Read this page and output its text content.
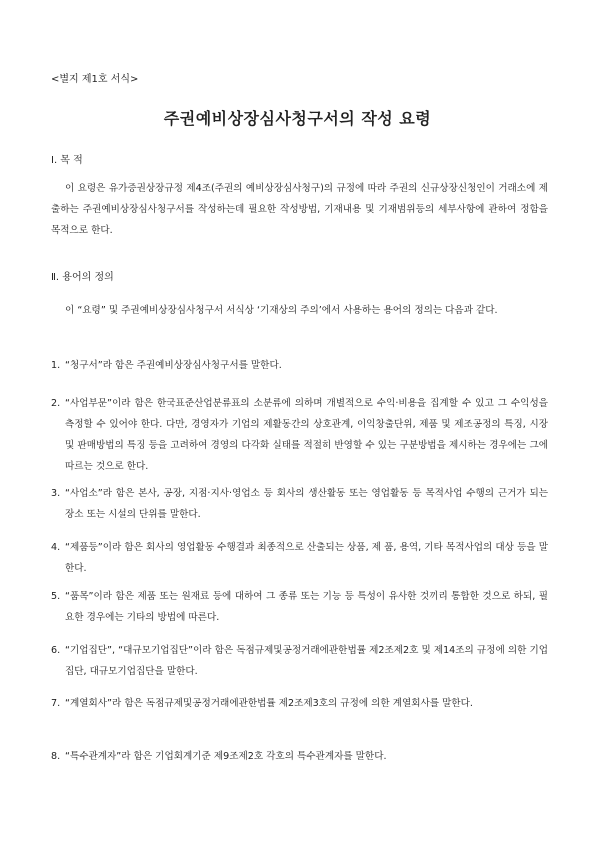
<별지 제1호 서식>
주권예비상장심사청구서의 작성 요령
Ⅰ. 목 적
이 요령은 유가증권상장규정 제4조(주권의 예비상장심사청구)의 규정에 따라 주권의 신규상장신청인이 거래소에 제출하는 주권예비상장심사청구서를 작성하는데 필요한 작성방법, 기재내용 및 기재범위등의 세부사항에 관하여 정함을 목적으로 한다.
Ⅱ. 용어의 정의
이 “요령” 및 주권예비상장심사청구서 서식상 ‘기재상의 주의’에서 사용하는 용어의 정의는 다음과 같다.
1. “청구서”라 함은 주권예비상장심사청구서를 말한다.
2. “사업부문”이라 함은 한국표준산업분류표의 소분류에 의하며 개별적으로 수익·비용을 집계할 수 있고 그 수익성을 측정할 수 있어야 한다. 다만, 경영자가 기업의 제활동간의 상호관계, 이익창출단위, 제품 및 제조공정의 특징, 시장 및 판매방법의 특징 등을 고려하여 경영의 다각화 실태를 적절히 반영할 수 있는 구분방법을 제시하는 경우에는 그에 따르는 것으로 한다.
3. “사업소”라 함은 본사, 공장, 지점·지사·영업소 등 회사의 생산활동 또는 영업활동 등 목적사업 수행의 근거가 되는 장소 또는 시설의 단위를 말한다.
4. “제품등”이라 함은 회사의 영업활동 수행결과 최종적으로 산출되는 상품, 제 품, 용역, 기타 목적사업의 대상 등을 말한다.
5. “품목”이라 함은 제품 또는 원재료 등에 대하여 그 종류 또는 기능 등 특성이 유사한 것끼리 통합한 것으로 하되, 필요한 경우에는 기타의 방법에 따른다.
6. “기업집단”, “대규모기업집단”이라 함은 독점규제및공정거래에관한법률 제2조제2호 및 제14조의 규정에 의한 기업집단, 대규모기업집단을 말한다.
7. “계열회사”라 함은 독점규제및공정거래에관한법률 제2조제3호의 규정에 의한 계열회사를 말한다.
8. “특수관계자”라 함은 기업회계기준 제9조제2호 각호의 특수관계자를 말한다.
